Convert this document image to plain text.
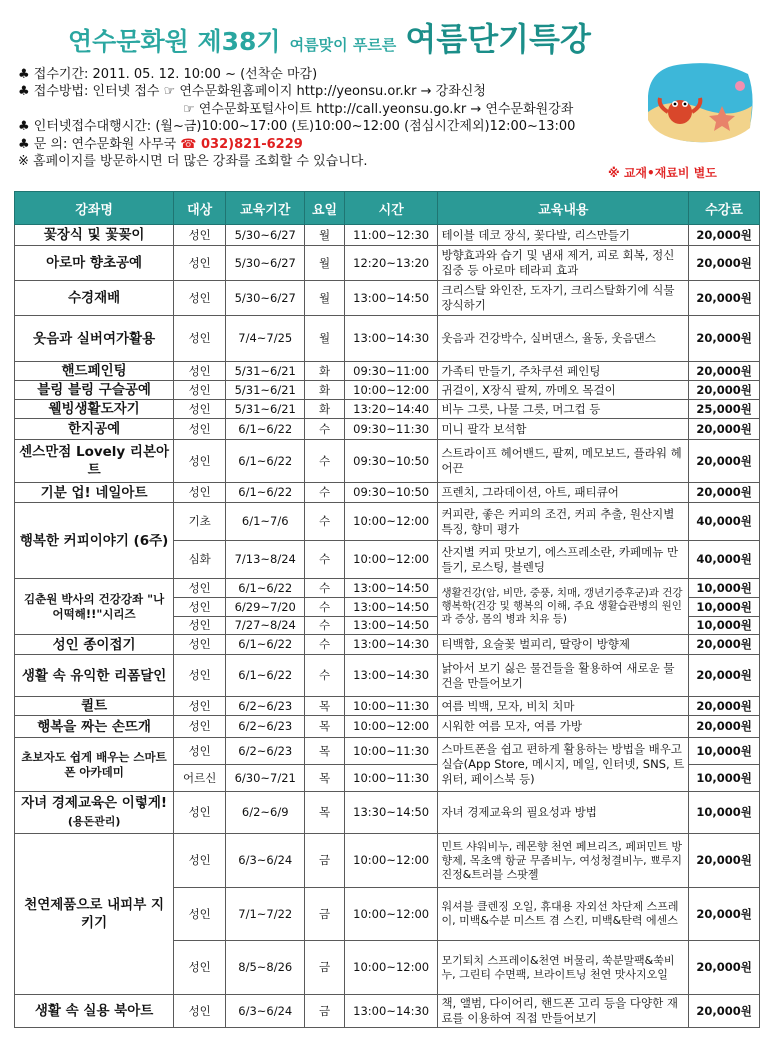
연수문화원 제38기 여름맞이 푸르른 여름단기특강
♣ 접수기간: 2011. 05. 12. 10:00 ~ (선착순 마감)
♣ 접수방법: 인터넷 접수 ☞ 연수문화원홈페이지 http://yeonsu.or.kr → 강좌신청
☞ 연수문화포털사이트 http://call.yeonsu.go.kr → 연수문화원강좌
♣ 인터넷접수대행시간: (월~금)10:00~17:00 (토)10:00~12:00 (점심시간제외)12:00~13:00
♣ 문 의: 연수문화원 사무국 ☎ 032)821-6229
※ 홈페이지를 방문하시면 더 많은 강좌를 조회할 수 있습니다.
※ 교재•재료비 별도
강좌명	대상	교육기간	요일	시간	교육내용	수강료
꽃장식 및 꽃꽂이	성인	5/30~6/27	월	11:00~12:30	테이블 데코 장식, 꽃다발, 리스만들기	20,000원
아로마 향초공예	성인	5/30~6/27	월	12:20~13:20	방향효과와 습기 및 냄새 제거, 피로 회복, 정신집중 등 아로마 테라피 효과	20,000원
수경재배	성인	5/30~6/27	월	13:00~14:50	크리스탈 와인잔, 도자기, 크리스탈화기에 식물장식하기	20,000원
웃음과 실버여가활용	성인	7/4~7/25	월	13:00~14:30	웃음과 건강박수, 실버댄스, 율동, 웃음댄스	20,000원
핸드페인팅	성인	5/31~6/21	화	09:30~11:00	가족티 만들기, 주차쿠션 페인팅	20,000원
블링 블링 구슬공예	성인	5/31~6/21	화	10:00~12:00	귀걸이, X장식 팔찌, 까메오 목걸이	20,000원
웰빙생활도자기	성인	5/31~6/21	화	13:20~14:40	비누 그릇, 나물 그릇, 머그컵 등	25,000원
한지공예	성인	6/1~6/22	수	09:30~11:30	미니 팔각 보석함	20,000원
센스만점 Lovely 리본아트	성인	6/1~6/22	수	09:30~10:50	스트라이프 헤어밴드, 팔찌, 메모보드, 플라워 헤어끈	20,000원
기분 업! 네일아트	성인	6/1~6/22	수	09:30~10:50	프렌치, 그라데이션, 아트, 패티큐어	20,000원
행복한 커피이야기 (6주)	기초	6/1~7/6	수	10:00~12:00	커피란, 좋은 커피의 조건, 커피 추출, 원산지별 특징, 향미 평가	40,000원
	심화	7/13~8/24	수	10:00~12:00	산지별 커피 맛보기, 에스프레소란, 카페메뉴 만들기, 로스팅, 블렌딩	40,000원
김춘원 박사의 건강강좌 "나 어떡해!!"시리즈	성인	6/1~6/22	수	13:00~14:50	생활건강(암, 비만, 중풍, 치매, 갱년기증후군)과 건강행복학(건강 및 행복의 이해, 주요 생활습관병의 원인과 증상, 몸의 병과 치유 등)	10,000원
	성인	6/29~7/20	수	13:00~14:50		10,000원
	성인	7/27~8/24	수	13:00~14:50		10,000원
성인 종이접기	성인	6/1~6/22	수	13:00~14:30	티백함, 요술꽃 벌피리, 딸랑이 방향제	20,000원
생활 속 유익한 리폼달인	성인	6/1~6/22	수	13:00~14:30	낡아서 보기 싫은 물건들을 활용하여 새로운 물건을 만들어보기	20,000원
퀼트	성인	6/2~6/23	목	10:00~11:30	여름 빅백, 모자, 비치 치마	20,000원
행복을 짜는 손뜨개	성인	6/2~6/23	목	10:00~12:00	시워한 여름 모자, 여름 가방	20,000원
초보자도 쉽게 배우는 스마트폰 아카데미	성인	6/2~6/23	목	10:00~11:30	스마트폰을 쉽고 편하게 활용하는 방법을 배우고 실습(App Store, 메시지, 메일, 인터넷, SNS, 트위터, 페이스북 등)	10,000원
	어르신	6/30~7/21	목	10:00~11:30		10,000원
자녀 경제교육은 이렇게!(용돈관리)	성인	6/2~6/9	목	13:30~14:50	자녀 경제교육의 필요성과 방법	10,000원
천연제품으로 내피부 지키기	성인	6/3~6/24	금	10:00~12:00	민트 샤워비누, 레몬향 천연 페브리즈, 페퍼민트 방향제, 목초액 항균 무좀비누, 여성청결비누, 뾰루지진정&트러블 스팟젤	20,000원
	성인	7/1~7/22	금	10:00~12:00	워셔블 클렌징 오일, 휴대용 자외선 차단제 스프레이, 미백&수분 미스트 겸 스킨, 미백&탄력 에센스	20,000원
	성인	8/5~8/26	금	10:00~12:00	모기퇴치 스프레이&천연 버물리, 쑥분말팩&쑥비누, 그린티 수면팩, 브라이트닝 천연 맛사지오일	20,000원
생활 속 실용 북아트	성인	6/3~6/24	금	13:00~14:30	책, 앨범, 다이어리, 핸드폰 고리 등을 다양한 재료를 이용하여 직접 만들어보기	20,000원
